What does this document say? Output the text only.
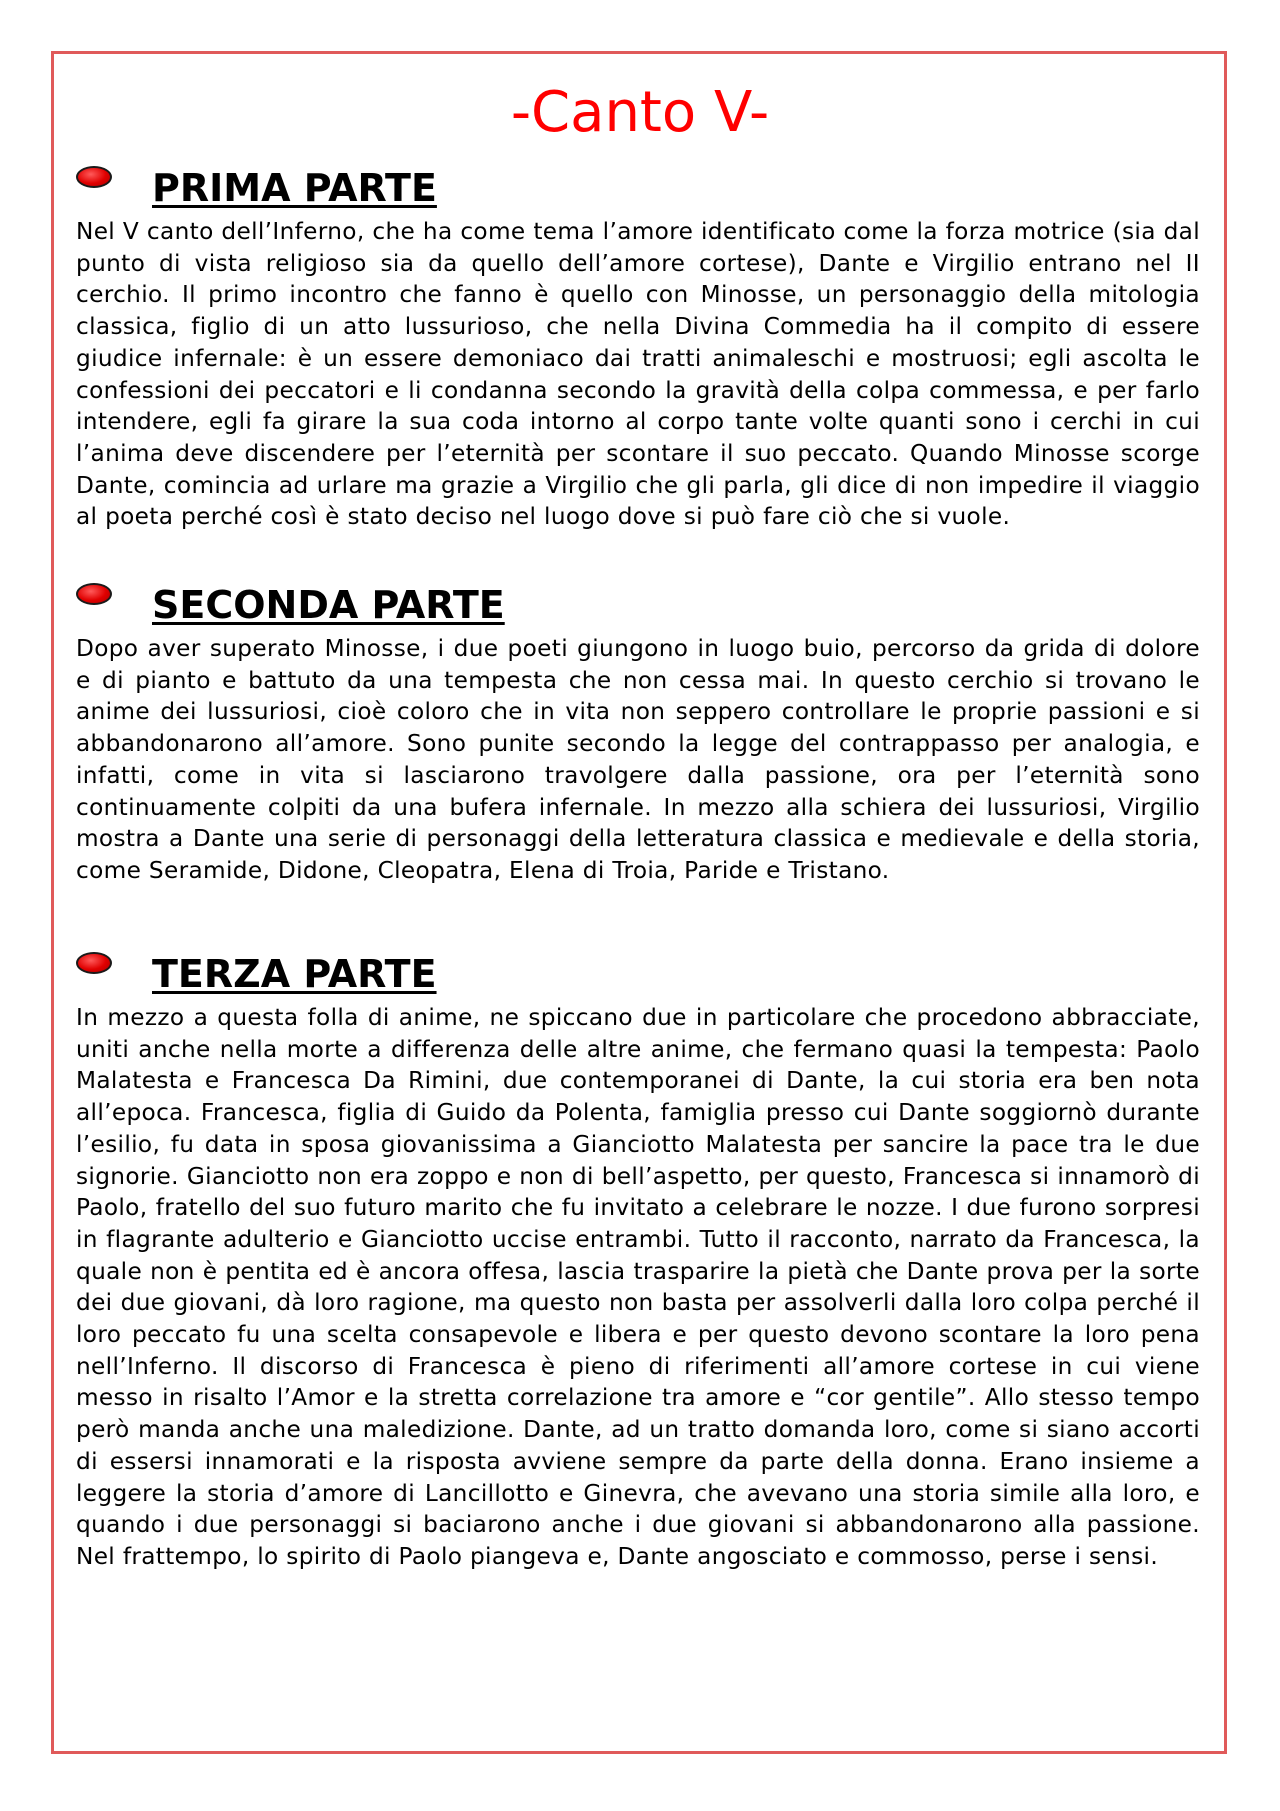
-Canto V-
PRIMA PARTE

Nel V canto dell’Inferno, che ha come tema l’amore identificato come la forza motrice (sia dal punto di vista religioso sia da quello dell’amore cortese), Dante e Virgilio entrano nel II cerchio. Il primo incontro che fanno è quello con Minosse, un personaggio della mitologia classica, figlio di un atto lussurioso, che nella Divina Commedia ha il compito di essere giudice infernale: è un essere demoniaco dai tratti animaleschi e mostruosi; egli ascolta le confessioni dei peccatori e li condanna secondo la gravità della colpa commessa, e per farlo intendere, egli fa girare la sua coda intorno al corpo tante volte quanti sono i cerchi in cui l’anima deve discendere per l’eternità per scontare il suo peccato. Quando Minosse scorge Dante, comincia ad urlare ma grazie a Virgilio che gli parla, gli dice di non impedire il viaggio al poeta perché così è stato deciso nel luogo dove si può fare ciò che si vuole.

SECONDA PARTE

Dopo aver superato Minosse, i due poeti giungono in luogo buio, percorso da grida di dolore e di pianto e battuto da una tempesta che non cessa mai. In questo cerchio si trovano le anime dei lussuriosi, cioè coloro che in vita non seppero controllare le proprie passioni e si abbandonarono all’amore. Sono punite secondo la legge del contrappasso per analogia, e infatti, come in vita si lasciarono travolgere dalla passione, ora per l’eternità sono continuamente colpiti da una bufera infernale. In mezzo alla schiera dei lussuriosi, Virgilio mostra a Dante una serie di personaggi della letteratura classica e medievale e della storia, come Seramide, Didone, Cleopatra, Elena di Troia, Paride e Tristano.

TERZA PARTE

In mezzo a questa folla di anime, ne spiccano due in particolare che procedono abbracciate, uniti anche nella morte a differenza delle altre anime, che fermano quasi la tempesta: Paolo Malatesta e Francesca Da Rimini, due contemporanei di Dante, la cui storia era ben nota all’epoca. Francesca, figlia di Guido da Polenta, famiglia presso cui Dante soggiornò durante l’esilio, fu data in sposa giovanissima a Gianciotto Malatesta per sancire la pace tra le due signorie. Gianciotto non era zoppo e non di bell’aspetto, per questo, Francesca si innamorò di Paolo, fratello del suo futuro marito che fu invitato a celebrare le nozze. I due furono sorpresi in flagrante adulterio e Gianciotto uccise entrambi. Tutto il racconto, narrato da Francesca, la quale non è pentita ed è ancora offesa, lascia trasparire la pietà che Dante prova per la sorte dei due giovani, dà loro ragione, ma questo non basta per assolverli dalla loro colpa perché il loro peccato fu una scelta consapevole e libera e per questo devono scontare la loro pena nell’Inferno. Il discorso di Francesca è pieno di riferimenti all’amore cortese in cui viene messo in risalto l’Amor e la stretta correlazione tra amore e “cor gentile”. Allo stesso tempo però manda anche una maledizione. Dante, ad un tratto domanda loro, come si siano accorti di essersi innamorati e la risposta avviene sempre da parte della donna. Erano insieme a leggere la storia d’amore di Lancillotto e Ginevra, che avevano una storia simile alla loro, e quando i due personaggi si baciarono anche i due giovani si abbandonarono alla passione. Nel frattempo, lo spirito di Paolo piangeva e, Dante angosciato e commosso, perse i sensi.
